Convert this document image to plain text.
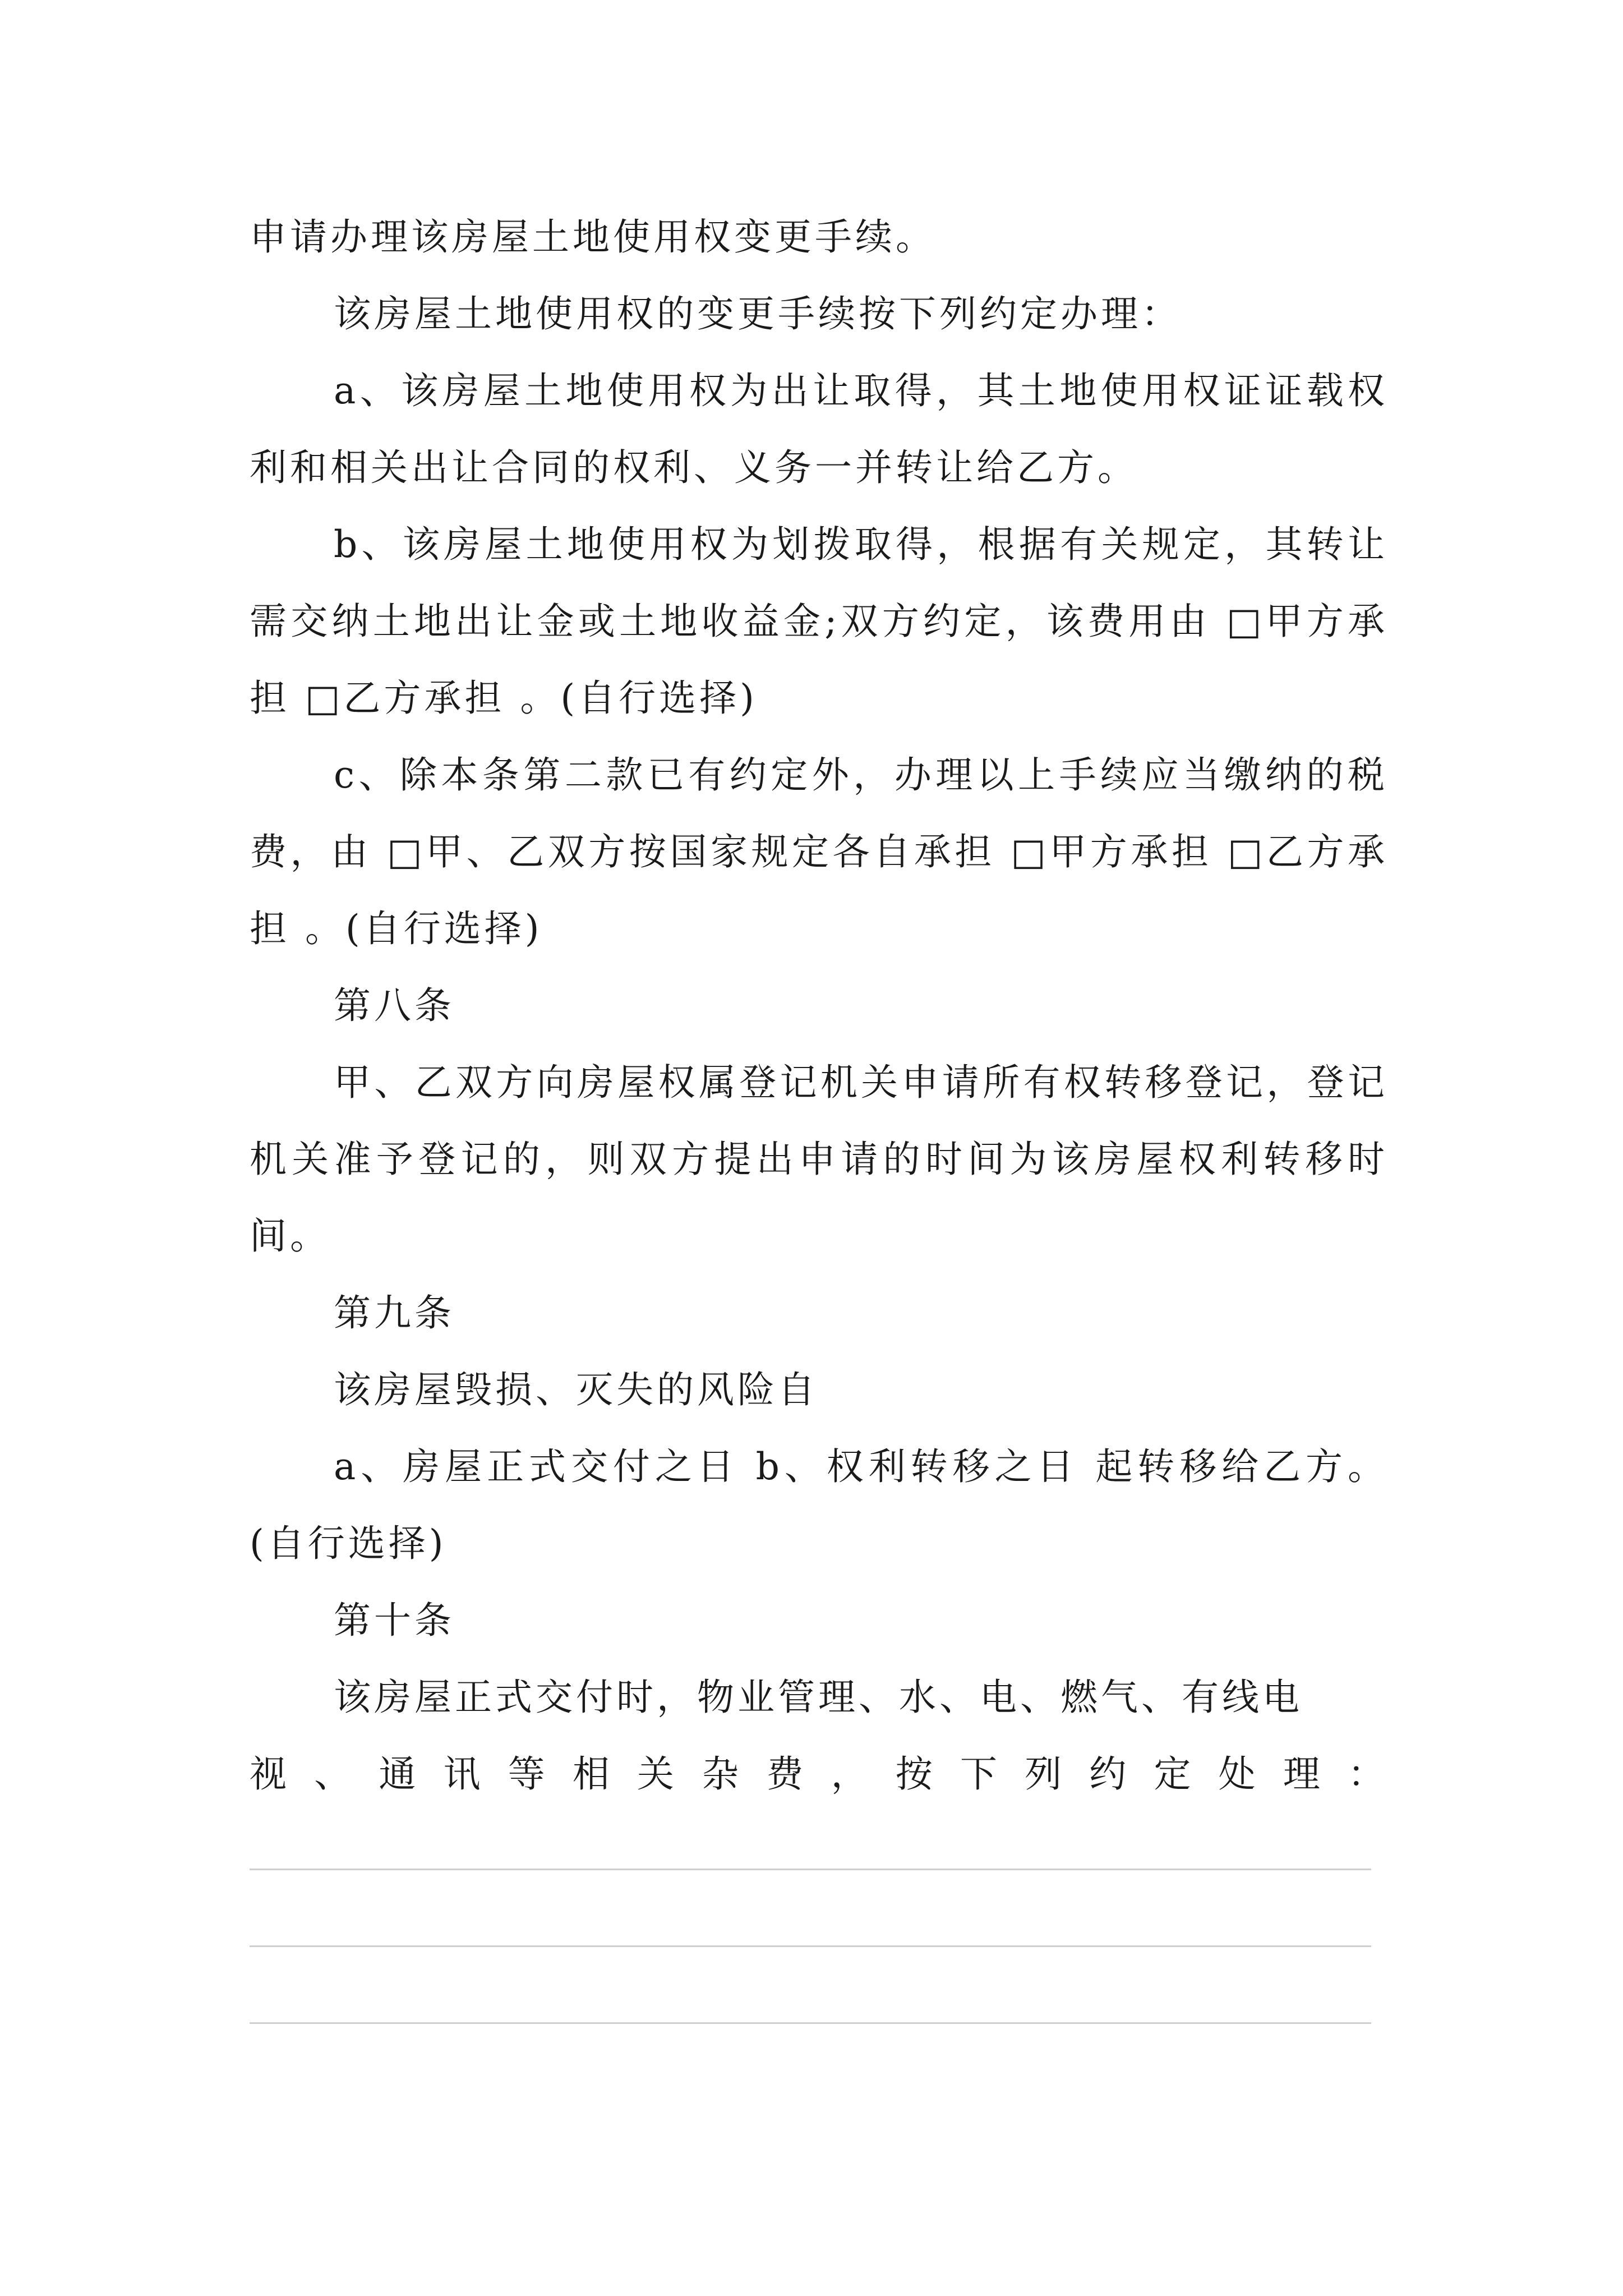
申请办理该房屋土地使用权变更手续。

该房屋土地使用权的变更手续按下列约定办理：

a、该房屋土地使用权为出让取得，其土地使用权证证载权利和相关出让合同的权利、义务一并转让给乙方。

b、该房屋土地使用权为划拨取得，根据有关规定，其转让需交纳土地出让金或土地收益金;双方约定，该费用由 □甲方承担 □乙方承担 。(自行选择)

c、除本条第二款已有约定外，办理以上手续应当缴纳的税费，由 □甲、乙双方按国家规定各自承担 □甲方承担 □乙方承担 。(自行选择)

第八条

甲、乙双方向房屋权属登记机关申请所有权转移登记，登记机关准予登记的，则双方提出申请的时间为该房屋权利转移时间。

第九条

该房屋毁损、灭失的风险自

a、房屋正式交付之日 b、权利转移之日 起转移给乙方。(自行选择)

第十条

该房屋正式交付时，物业管理、水、电、燃气、有线电

视、通讯等相关杂费，按下列约定处理：
